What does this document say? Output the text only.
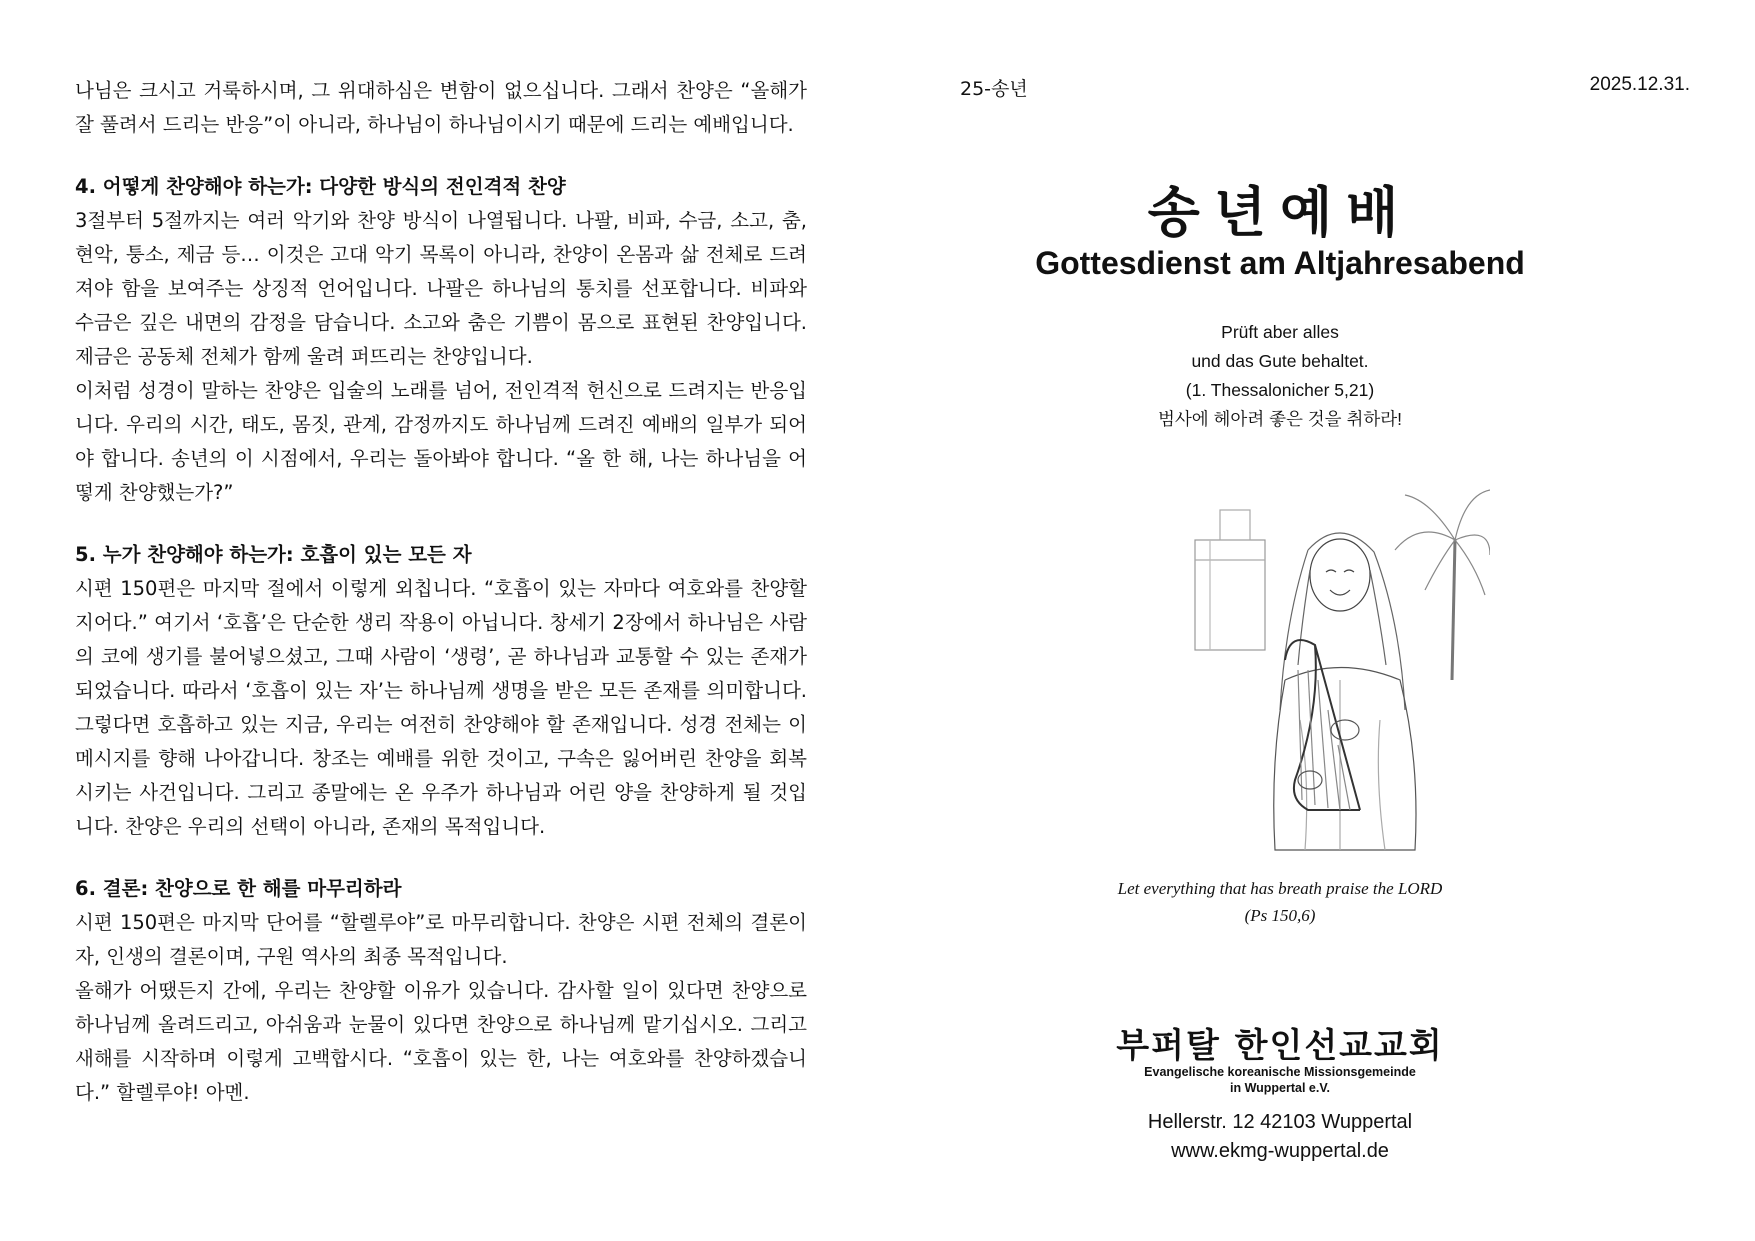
나님은 크시고 거룩하시며, 그 위대하심은 변함이 없으십니다. 그래서 찬양은 “올해가 잘 풀려서 드리는 반응”이 아니라, 하나님이 하나님이시기 때문에 드리는 예배입니다.

4. 어떻게 찬양해야 하는가: 다양한 방식의 전인격적 찬양

3절부터 5절까지는 여러 악기와 찬양 방식이 나열됩니다. 나팔, 비파, 수금, 소고, 춤, 현악, 퉁소, 제금 등… 이것은 고대 악기 목록이 아니라, 찬양이 온몸과 삶 전체로 드려져야 함을 보여주는 상징적 언어입니다. 나팔은 하나님의 통치를 선포합니다. 비파와 수금은 깊은 내면의 감정을 담습니다. 소고와 춤은 기쁨이 몸으로 표현된 찬양입니다. 제금은 공동체 전체가 함께 울려 퍼뜨리는 찬양입니다.

이처럼 성경이 말하는 찬양은 입술의 노래를 넘어, 전인격적 헌신으로 드려지는 반응입니다. 우리의 시간, 태도, 몸짓, 관계, 감정까지도 하나님께 드려진 예배의 일부가 되어야 합니다. 송년의 이 시점에서, 우리는 돌아봐야 합니다. “올 한 해, 나는 하나님을 어떻게 찬양했는가?”

5. 누가 찬양해야 하는가: 호흡이 있는 모든 자

시편 150편은 마지막 절에서 이렇게 외칩니다. “호흡이 있는 자마다 여호와를 찬양할지어다.” 여기서 ‘호흡’은 단순한 생리 작용이 아닙니다. 창세기 2장에서 하나님은 사람의 코에 생기를 불어넣으셨고, 그때 사람이 ‘생령’, 곧 하나님과 교통할 수 있는 존재가 되었습니다. 따라서 ‘호흡이 있는 자’는 하나님께 생명을 받은 모든 존재를 의미합니다. 그렇다면 호흡하고 있는 지금, 우리는 여전히 찬양해야 할 존재입니다. 성경 전체는 이 메시지를 향해 나아갑니다. 창조는 예배를 위한 것이고, 구속은 잃어버린 찬양을 회복시키는 사건입니다. 그리고 종말에는 온 우주가 하나님과 어린 양을 찬양하게 될 것입니다. 찬양은 우리의 선택이 아니라, 존재의 목적입니다.

6. 결론: 찬양으로 한 해를 마무리하라

시편 150편은 마지막 단어를 “할렐루야”로 마무리합니다. 찬양은 시편 전체의 결론이자, 인생의 결론이며, 구원 역사의 최종 목적입니다.

올해가 어땠든지 간에, 우리는 찬양할 이유가 있습니다. 감사할 일이 있다면 찬양으로 하나님께 올려드리고, 아쉬움과 눈물이 있다면 찬양으로 하나님께 맡기십시오. 그리고 새해를 시작하며 이렇게 고백합시다. “호흡이 있는 한, 나는 여호와를 찬양하겠습니다.” 할렐루야! 아멘.

25-송년	2025.12.31.
송년예배
Gottesdienst am Altjahresabend
Prüft aber alles
und das Gute behaltet.
(1. Thessalonicher 5,21)
범사에 헤아려 좋은 것을 취하라!
Let everything that has breath praise the LORD
(Ps 150,6)
부퍼탈 한인선교교회
Evangelische koreanische Missionsgemeinde
in Wuppertal e.V.
Hellerstr. 12 42103 Wuppertal
www.ekmg-wuppertal.de
